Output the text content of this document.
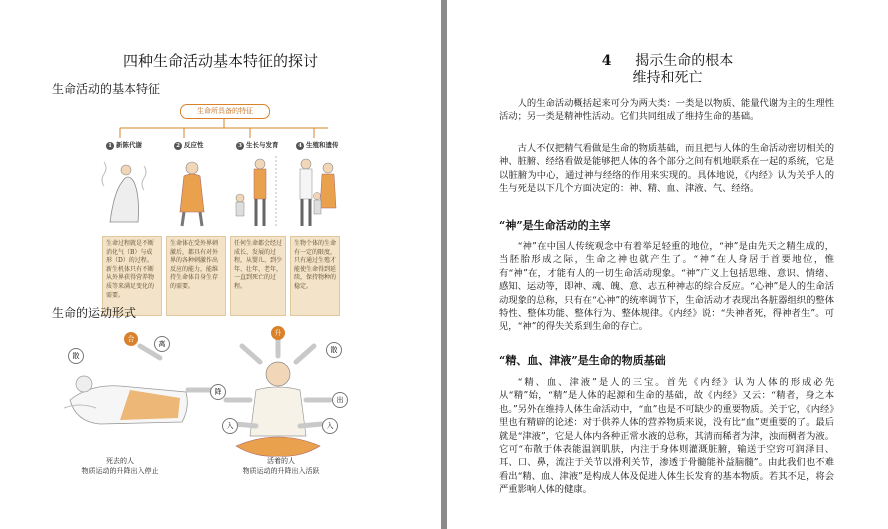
四种生命活动基本特征的探讨
生命活动的基本特征
生命所具备的特征
1 新陈代谢	2 反应性	3 生长与发育	4 生殖和遗传
生命过程就是不断消化气（B）与成形（D）的过程。新生机体只有不断从外界获得营养物质等来满足变化的需要。
生命体在受外界刺激后，都具有对外界的各种刺激作出反应的能力，能维持生命体自身生存的需要。
任何生命都会经过成长、发展的过程，从婴儿、到少年、壮年、老年，一直到死亡的过程。
生物个体的生命有一定的限度，只有通过生殖才能使生命得到延续，保持物种的稳定。
生命的运动形式
散
合
离
升
散
降
出
入	入
死去的人
物质运动的升降出入停止
活着的人
物质运动的升降出入活跃
4 揭示生命的根本
维持和死亡
人的生命活动概括起来可分为两大类：一类是以物质、能量代谢为主的生理性活动；另一类是精神性活动。它们共同组成了维持生命的基础。
古人不仅把精气看做是生命的物质基础，而且把与人体的生命活动密切相关的神、脏腑、经络看做是能够把人体的各个部分之间有机地联系在一起的系统，它是以脏腑为中心，通过神与经络的作用来实现的。具体地说，《内经》认为关乎人的生与死是以下几个方面决定的：神、精、血、津液、气、经络。
“神”是生命活动的主宰
“神”在中国人传统观念中有着举足轻重的地位，“神”是由先天之精生成的，当胚胎形成之际，生命之神也就产生了。“神”在人身居于首要地位，惟有“神”在，才能有人的一切生命活动现象。“神”广义上包括思维、意识、情绪、感知、运动等，即神、魂、魄、意、志五种神志的综合反应。“心神”是人的生命活动现象的总称，只有在“心神”的统率调节下，生命活动才表现出各脏器组织的整体特性、整体功能、整体行为、整体规律。《内经》说：“失神者死，得神者生”。可见，“神”的得失关系到生命的存亡。
“精、血、津液”是生命的物质基础
“精、血、津液”是人的三宝。首先《内经》认为人体的形成必先从“精”始，“精”是人体的起源和生命的基础，故《内经》又云：“精者，身之本也。”另外在维持人体生命活动中，“血”也是不可缺少的重要物质。关于它，《内经》里也有精辟的论述：对于供养人体的营养物质来说，没有比“血”更重要的了。最后就是“津液”，它是人体内各种正常水液的总称，其清而稀者为津，浊而稠者为液。它可“布散于体表能温润肌肤，内注于身体则灌溉脏腑，输送于空窍可润泽目、耳、口、鼻，流注于关节以滑利关节，渗透于骨髓能补益脑髓”。由此我们也不难看出“精、血、津液”是构成人体及促进人体生长发育的基本物质。若其不足，将会严重影响人体的健康。
